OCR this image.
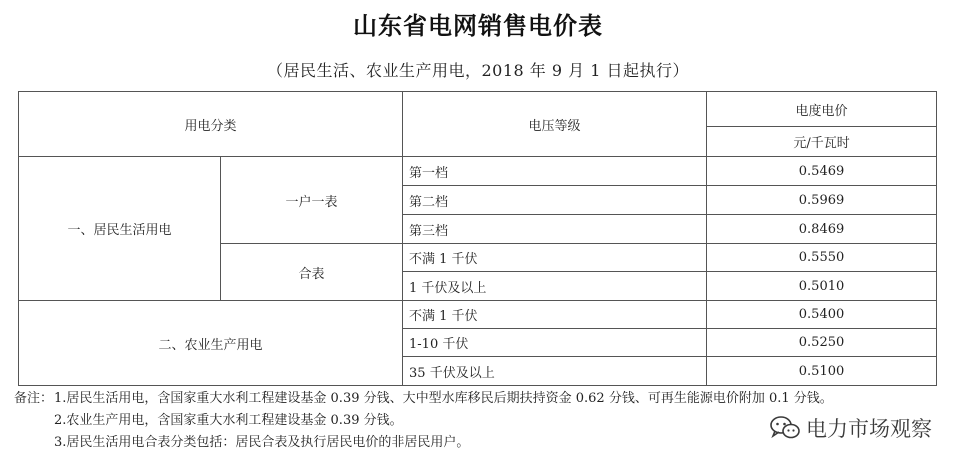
山东省电网销售电价表
（居民生活、农业生产用电，2018 年 9 月 1 日起执行）
用电分类		电压等级	电度电价
			元/千瓦时
一、居民生活用电	一户一表	第一档	0.5469
		第二档	0.5969
		第三档	0.8469
	合表	不满 1 千伏	0.5550
		1 千伏及以上	0.5010
二、农业生产用电		不满 1 千伏	0.5400
		1-10 千伏	0.5250
		35 千伏及以上	0.5100
备注： 1.居民生活用电，含国家重大水利工程建设基金 0.39 分钱、大中型水库移民后期扶持资金 0.62 分钱、可再生能源电价附加 0.1 分钱。
2.农业生产用电，含国家重大水利工程建设基金 0.39 分钱。
3.居民生活用电合表分类包括：居民合表及执行居民电价的非居民用户。
电力市场观察
